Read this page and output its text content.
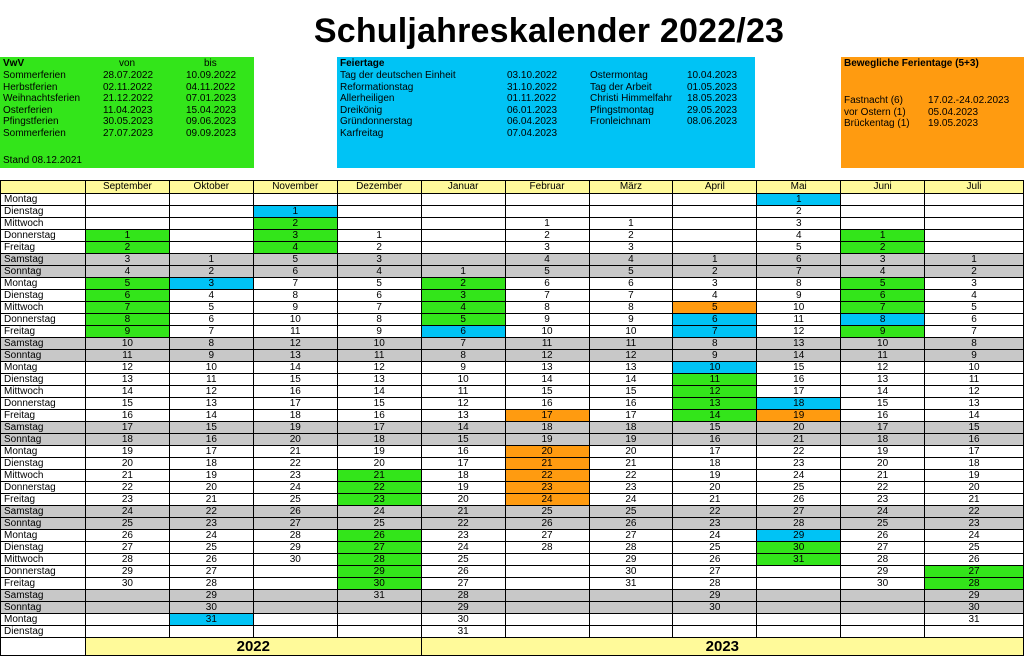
Schuljahreskalender 2022/23
VwV	von	bis
Sommerferien	28.07.2022	10.09.2022
Herbstferien	02.11.2022	04.11.2022
Weihnachtsferien 21.12.2022	07.01.2023
Osterferien	11.04.2023	15.04.2023
Pfingstferien	30.05.2023	09.06.2023
Sommerferien	27.07.2023	09.09.2023
Stand 08.12.2021
Feiertage
Tag der deutschen Einheit	03.10.2022
Reformationstag	31.10.2022
Allerheiligen	01.11.2022
Dreikönig	06.01.2023
Gründonnerstag	06.04.2023
Karfreitag	07.04.2023
Ostermontag	10.04.2023
Tag der Arbeit	01.05.2023
Christi Himmelfahr 18.05.2023
Pfingstmontag	29.05.2023
Fronleichnam	08.06.2023
Bewegliche Ferientage (5+3)
Fastnacht (6)	17.02.-24.02.2023
vor Ostern (1) 05.04.2023
Brückentag (1) 19.05.2023
	September	Oktober	November	Dezember	Januar	Februar	März	April	Mai	Juni	Juli
Montag									1		
Dienstag			1						2		
Mittwoch			2			1	1		3		
Donnerstag	1		3	1		2	2		4	1	
Freitag	2		4	2		3	3		5	2	
Samstag	3	1	5	3		4	4	1	6	3	1
Sonntag	4	2	6	4	1	5	5	2	7	4	2
Montag	5	3	7	5	2	6	6	3	8	5	3
Dienstag	6	4	8	6	3	7	7	4	9	6	4
Mittwoch	7	5	9	7	4	8	8	5	10	7	5
Donnerstag	8	6	10	8	5	9	9	6	11	8	6
Freitag	9	7	11	9	6	10	10	7	12	9	7
Samstag	10	8	12	10	7	11	11	8	13	10	8
Sonntag	11	9	13	11	8	12	12	9	14	11	9
Montag	12	10	14	12	9	13	13	10	15	12	10
Dienstag	13	11	15	13	10	14	14	11	16	13	11
Mittwoch	14	12	16	14	11	15	15	12	17	14	12
Donnerstag	15	13	17	15	12	16	16	13	18	15	13
Freitag	16	14	18	16	13	17	17	14	19	16	14
Samstag	17	15	19	17	14	18	18	15	20	17	15
Sonntag	18	16	20	18	15	19	19	16	21	18	16
Montag	19	17	21	19	16	20	20	17	22	19	17
Dienstag	20	18	22	20	17	21	21	18	23	20	18
Mittwoch	21	19	23	21	18	22	22	19	24	21	19
Donnerstag	22	20	24	22	19	23	23	20	25	22	20
Freitag	23	21	25	23	20	24	24	21	26	23	21
Samstag	24	22	26	24	21	25	25	22	27	24	22
Sonntag	25	23	27	25	22	26	26	23	28	25	23
Montag	26	24	28	26	23	27	27	24	29	26	24
Dienstag	27	25	29	27	24	28	28	25	30	27	25
Mittwoch	28	26	30	28	25		29	26	31	28	26
Donnerstag	29	27		29	26		30	27		29	27
Freitag	30	28		30	27		31	28		30	28
Samstag		29		31	28			29			29
Sonntag		30			29			30			30
Montag		31			30						31
Dienstag					31						
	2022				2023						
